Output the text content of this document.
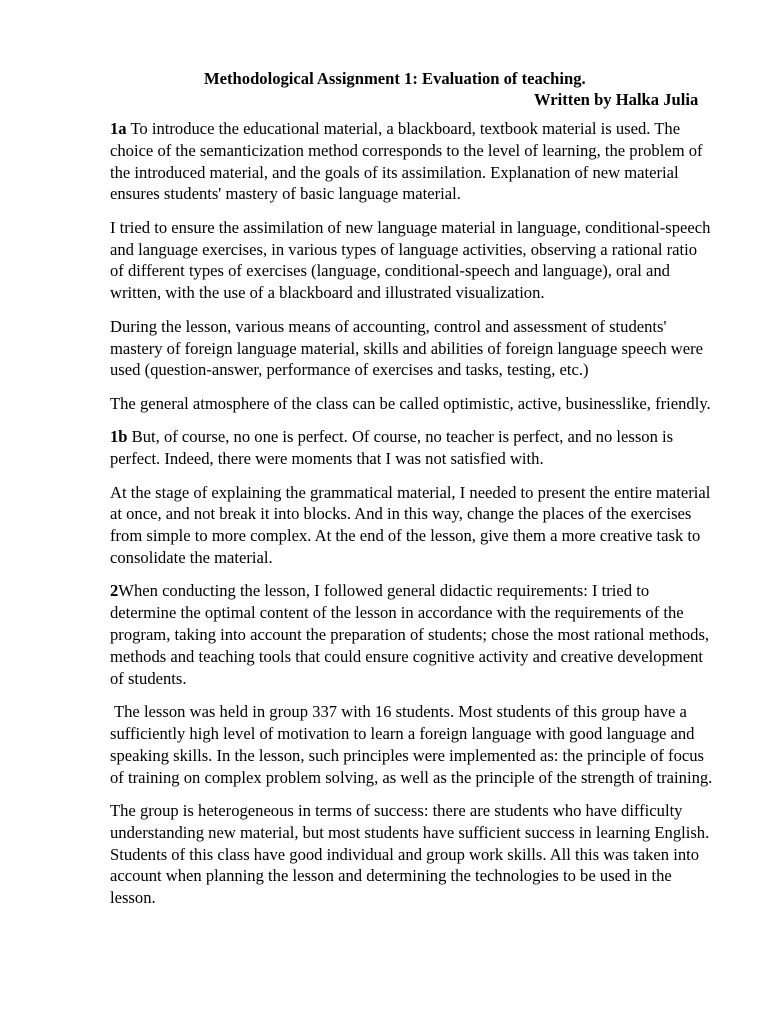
Methodological Assignment 1: Evaluation of teaching.

Written by Halka Julia

1a To introduce the educational material, a blackboard, textbook material is used. The choice of the semanticization method corresponds to the level of learning, the problem of the introduced material, and the goals of its assimilation. Explanation of new material ensures students' mastery of basic language material.

I tried to ensure the assimilation of new language material in language, conditional-speech and language exercises, in various types of language activities, observing a rational ratio of different types of exercises (language, conditional-speech and language), oral and written, with the use of a blackboard and illustrated visualization.

During the lesson, various means of accounting, control and assessment of students' mastery of foreign language material, skills and abilities of foreign language speech were used (question-answer, performance of exercises and tasks, testing, etc.)

The general atmosphere of the class can be called optimistic, active, businesslike, friendly.

1b But, of course, no one is perfect. Of course, no teacher is perfect, and no lesson is perfect. Indeed, there were moments that I was not satisfied with.

At the stage of explaining the grammatical material, I needed to present the entire material at once, and not break it into blocks. And in this way, change the places of the exercises from simple to more complex. At the end of the lesson, give them a more creative task to consolidate the material.

2When conducting the lesson, I followed general didactic requirements: I tried to determine the optimal content of the lesson in accordance with the requirements of the program, taking into account the preparation of students; chose the most rational methods, methods and teaching tools that could ensure cognitive activity and creative development of students.

The lesson was held in group 337 with 16 students. Most students of this group have a sufficiently high level of motivation to learn a foreign language with good language and speaking skills. In the lesson, such principles were implemented as: the principle of focus of training on complex problem solving, as well as the principle of the strength of training.

The group is heterogeneous in terms of success: there are students who have difficulty understanding new material, but most students have sufficient success in learning English. Students of this class have good individual and group work skills. All this was taken into account when planning the lesson and determining the technologies to be used in the lesson.
